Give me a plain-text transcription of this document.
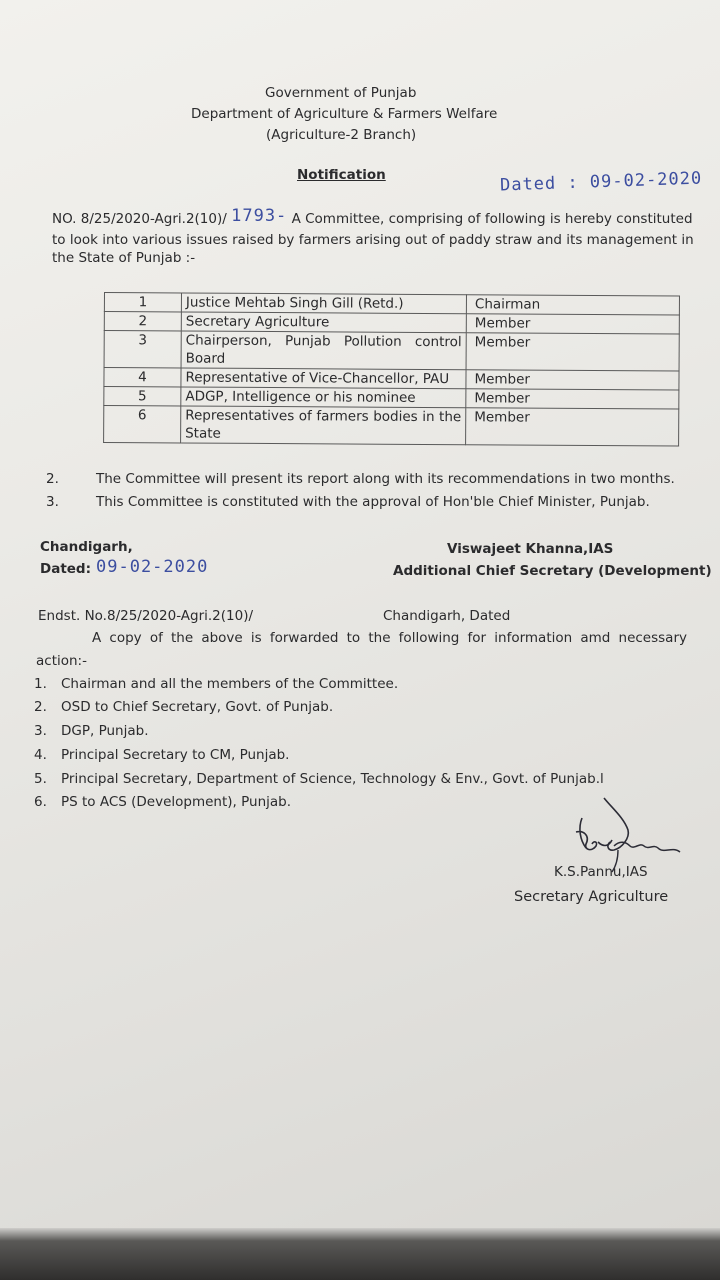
Government of Punjab
Department of Agriculture & Farmers Welfare
(Agriculture-2 Branch)
Notification	Dated : 09-02-2020
NO. 8/25/2020-Agri.2(10)/ 1793- A Committee, comprising of following is hereby constituted
to look into various issues raised by farmers arising out of paddy straw and its management in
the State of Punjab :-
1	Justice Mehtab Singh Gill (Retd.)	Chairman
2	Secretary Agriculture	Member
3	Chairperson, Punjab Pollution control
Board	Member
4	Representative of Vice-Chancellor, PAU	Member
5	ADGP, Intelligence or his nominee	Member
6	Representatives of farmers bodies in the
State	Member
2.	The Committee will present its report along with its recommendations in two months.
3.	This Committee is constituted with the approval of Hon'ble Chief Minister, Punjab.
Chandigarh,
Dated: 09-02-2020
Viswajeet Khanna,IAS
Additional Chief Secretary (Development)
Endst. No.8/25/2020-Agri.2(10)/	Chandigarh, Dated
A copy of the above is forwarded to the following for information amd necessary
action:-
1. Chairman and all the members of the Committee.
2. OSD to Chief Secretary, Govt. of Punjab.
3. DGP, Punjab.
4. Principal Secretary to CM, Punjab.
5. Principal Secretary, Department of Science, Technology & Env., Govt. of Punjab.l
6. PS to ACS (Development), Punjab.
K.S.Pannu,IAS
Secretary Agriculture
